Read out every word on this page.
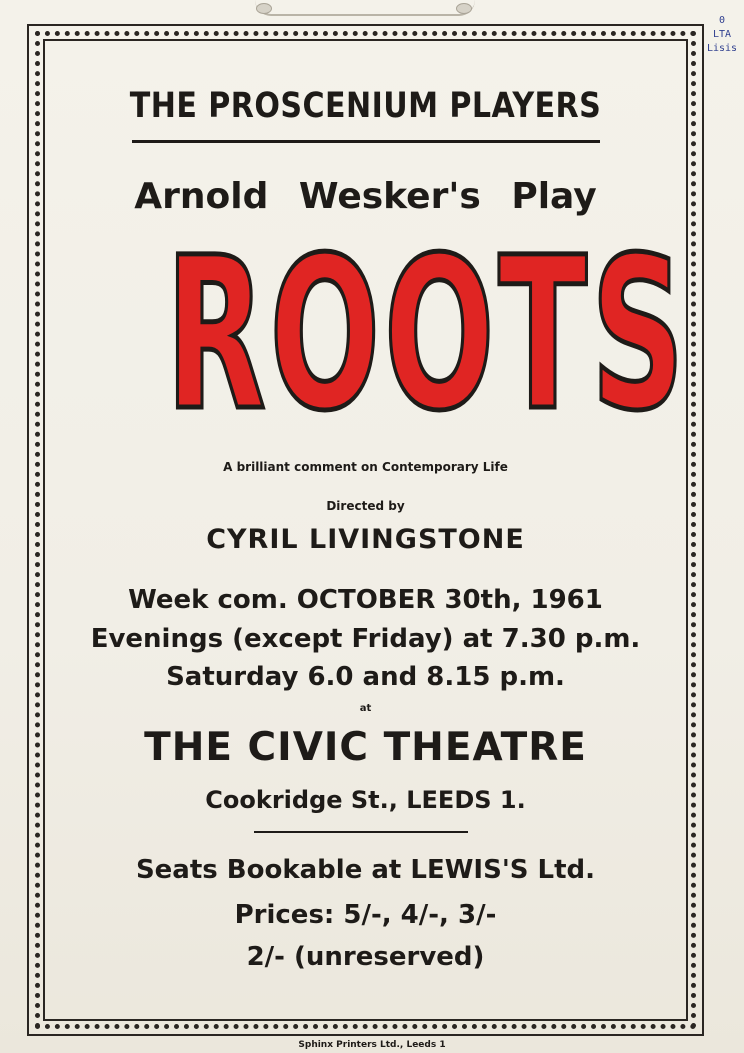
0
LTA
Lisis
THE PROSCENIUM PLAYERS
Arnold Wesker's Play
ROOTS
A brilliant comment on Contemporary Life
Directed by
CYRIL LIVINGSTONE
Week com. OCTOBER 30th, 1961
Evenings (except Friday) at 7.30 p.m.
Saturday 6.0 and 8.15 p.m.
at
THE CIVIC THEATRE
Cookridge St., LEEDS 1.
Seats Bookable at LEWIS'S Ltd.
Prices: 5/-, 4/-, 3/-
2/- (unreserved)
Sphinx Printers Ltd., Leeds 1
